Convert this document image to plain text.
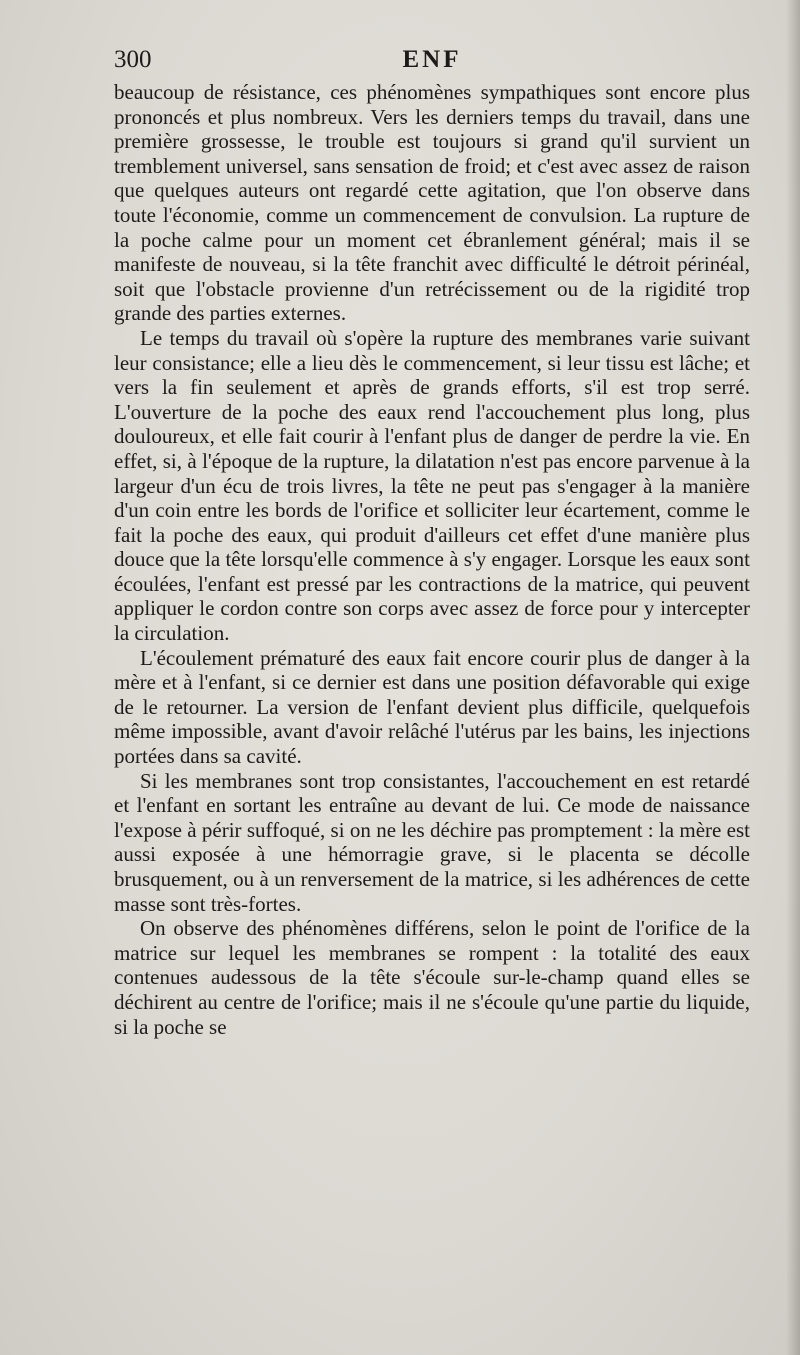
300	ENF

beaucoup de résistance, ces phénomènes sympathiques sont encore plus prononcés et plus nombreux. Vers les derniers temps du travail, dans une première grossesse, le trouble est toujours si grand qu'il survient un tremblement universel, sans sensation de froid; et c'est avec assez de raison que quelques auteurs ont regardé cette agitation, que l'on observe dans toute l'économie, comme un commencement de convulsion. La rupture de la poche calme pour un moment cet ébranlement général; mais il se manifeste de nouveau, si la tête franchit avec difficulté le détroit périnéal, soit que l'obstacle provienne d'un retrécissement ou de la rigidité trop grande des parties externes.

Le temps du travail où s'opère la rupture des membranes varie suivant leur consistance; elle a lieu dès le commencement, si leur tissu est lâche; et vers la fin seulement et après de grands efforts, s'il est trop serré. L'ouverture de la poche des eaux rend l'accouchement plus long, plus douloureux, et elle fait courir à l'enfant plus de danger de perdre la vie. En effet, si, à l'époque de la rupture, la dilatation n'est pas encore parvenue à la largeur d'un écu de trois livres, la tête ne peut pas s'engager à la manière d'un coin entre les bords de l'orifice et solliciter leur écartement, comme le fait la poche des eaux, qui produit d'ailleurs cet effet d'une manière plus douce que la tête lorsqu'elle commence à s'y engager. Lorsque les eaux sont écoulées, l'enfant est pressé par les contractions de la matrice, qui peuvent appliquer le cordon contre son corps avec assez de force pour y intercepter la circulation.

L'écoulement prématuré des eaux fait encore courir plus de danger à la mère et à l'enfant, si ce dernier est dans une position défavorable qui exige de le retourner. La version de l'enfant devient plus difficile, quelquefois même impossible, avant d'avoir relâché l'utérus par les bains, les injections portées dans sa cavité.

Si les membranes sont trop consistantes, l'accouchement en est retardé et l'enfant en sortant les entraîne au devant de lui. Ce mode de naissance l'expose à périr suffoqué, si on ne les déchire pas promptement : la mère est aussi exposée à une hémorragie grave, si le placenta se décolle brusquement, ou à un renversement de la matrice, si les adhérences de cette masse sont très-fortes.

On observe des phénomènes différens, selon le point de l'orifice de la matrice sur lequel les membranes se rompent : la totalité des eaux contenues audessous de la tête s'écoule sur-le-champ quand elles se déchirent au centre de l'orifice; mais il ne s'écoule qu'une partie du liquide, si la poche se
